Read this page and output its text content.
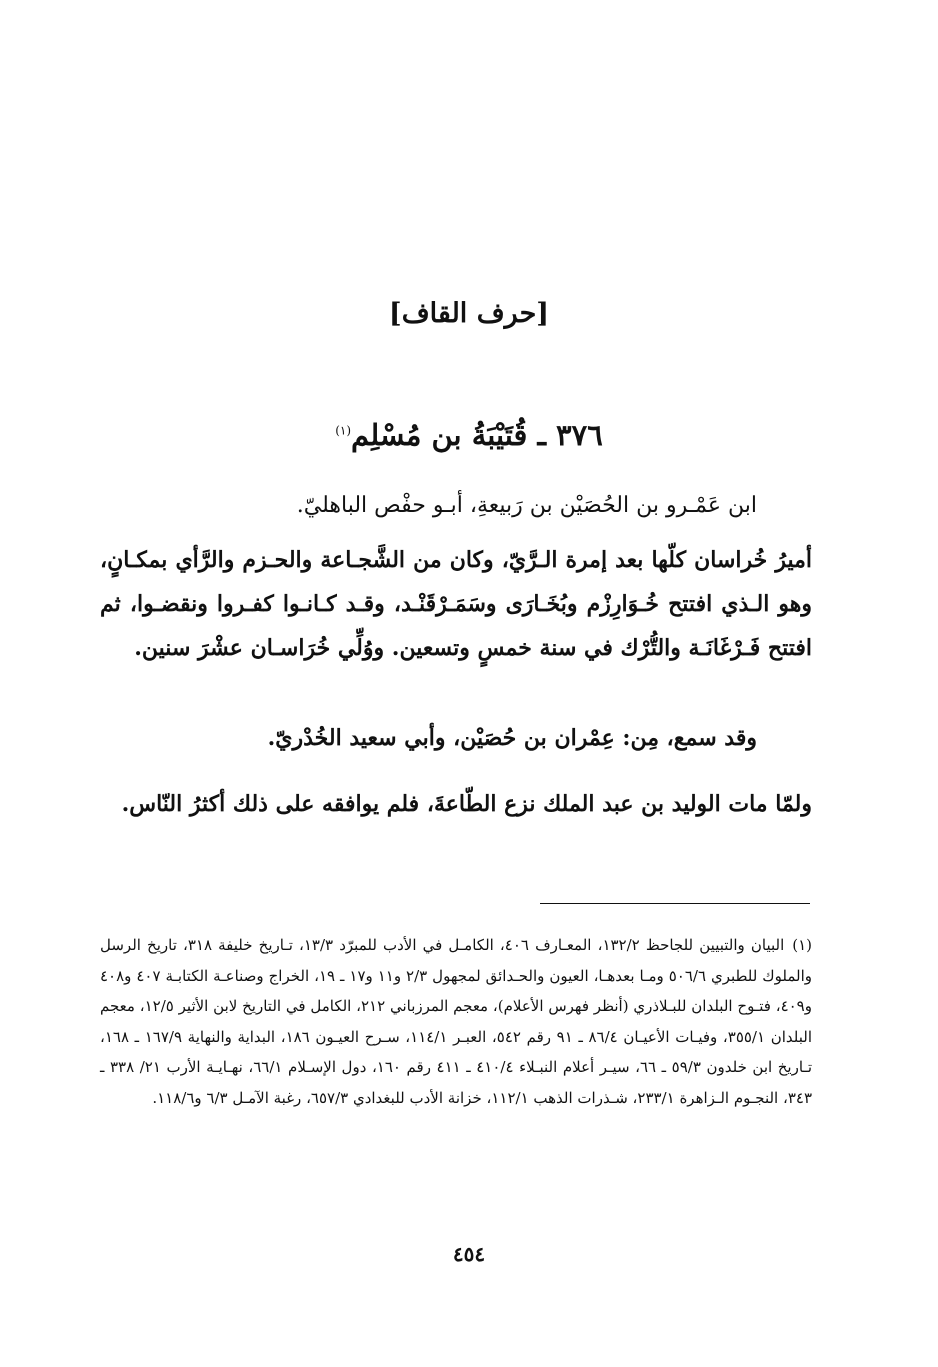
[حرف القاف]
٣٧٦ ـ قُتَيْبَةُ بن مُسْلِم$^{(١)}$

ابن عَمْـرو بن الحُصَيْن بن رَبيعةِ، أبـو حفْص الباهليّ.

أميرُ خُراسان كلّها بعد إمرة الـرَّيّ، وكان من الشَّجـاعة والحـزم والرَّأي بمكـانٍ، وهو الـذي افتتح خُـوَارِزْم وبُخَـارَى وسَمَـرْقَنْـد، وقـد كـانـوا كفـروا ونقضـوا، ثم افتتح فَـرْغَانَـة والتُّرْك في سنة خمسٍ وتسعين. ووُلِّي خُرَاسـان عشْرَ سنين.

وقد سمع، مِن: عِمْران بن حُصَيْن، وأبي سعيد الخُدْريّ.

ولمّا مات الوليد بن عبد الملك نزع الطّاعةَ، فلم يوافقه على ذلك أكثرُ النّاس.

(١)البيان والتبيين للجاحظ ١٣٢/٢، المعـارف ٤٠٦، الكامـل في الأدب للمبرّد ١٣/٣، تـاريخ خليفة ٣١٨، تاريخ الرسل والملوك للطبري ٥٠٦/٦ ومـا بعدهـا، العيون والحـدائق لمجهول ٢/٣ و١١ و١٧ ـ ١٩، الخراج وصناعـة الكتابـة ٤٠٧ و٤٠٨ و٤٠٩، فتـوح البلدان للبـلاذري (أنظر فهرس الأعلام)، معجم المرزباني ٢١٢، الكامل في التاريخ لابن الأثير ١٢/٥، معجم البلدان ٣٥٥/١، وفيـات الأعيـان ٨٦/٤ ـ ٩١ رقم ٥٤٢، العبـر ١١٤/١، سـرح العيـون ١٨٦، البداية والنهاية ١٦٧/٩ ـ ١٦٨، تـاريخ ابن خلدون ٥٩/٣ ـ ٦٦، سيـر أعلام النبـلاء ٤١٠/٤ ـ ٤١١ رقم ١٦٠، دول الإسـلام ٦٦/١، نهـايـة الأرب ٢١/ ٣٣٨ ـ ٣٤٣، النجـوم الـزاهرة ٢٣٣/١، شـذرات الذهب ١١٢/١، خزانة الأدب للبغدادي ٦٥٧/٣، رغبة الآمـل ٦/٣ و١١٨/٦.
٤٥٤
